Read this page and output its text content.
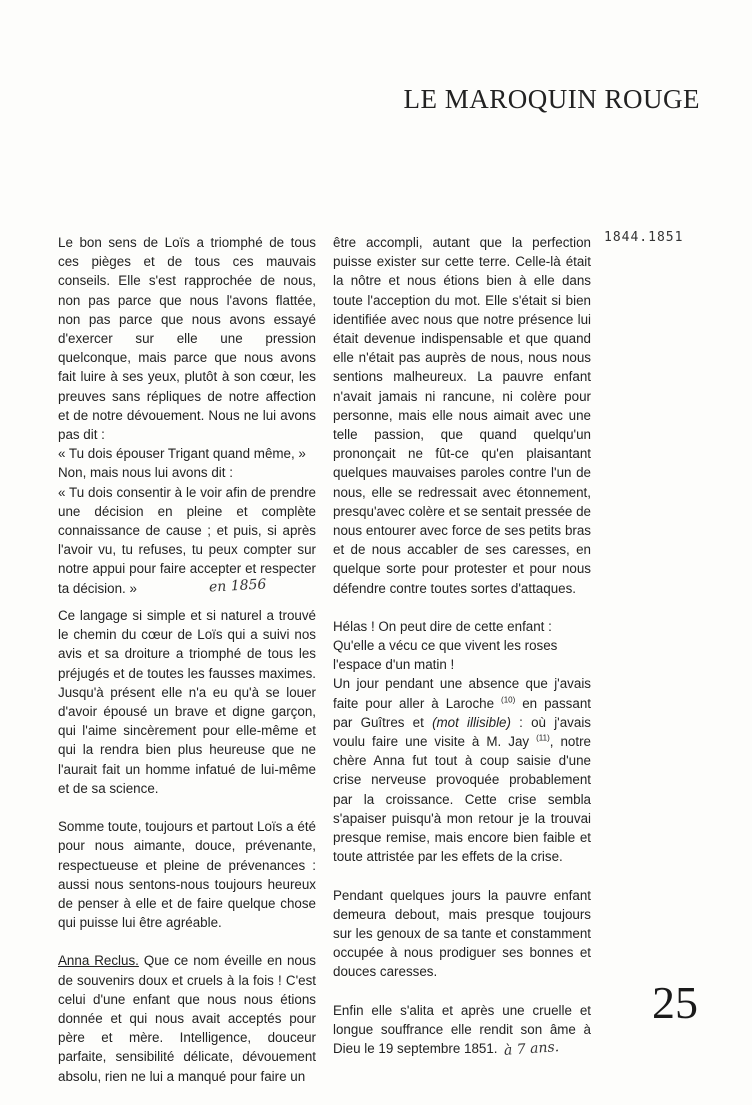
LE MAROQUIN ROUGE
1844.1851

Le bon sens de Loïs a triomphé de tous ces pièges et de tous ces mauvais conseils. Elle s'est rapprochée de nous, non pas parce que nous l'avons flattée, non pas parce que nous avons essayé d'exercer sur elle une pression quelconque, mais parce que nous avons fait luire à ses yeux, plutôt à son cœur, les preuves sans répliques de notre affection et de notre dévouement. Nous ne lui avons pas dit :

« Tu dois épouser Trigant quand même, »

Non, mais nous lui avons dit :

« Tu dois consentir à le voir afin de prendre une décision en pleine et complète connaissance de cause ; et puis, si après l'avoir vu, tu refuses, tu peux compter sur notre appui pour faire accepter et respecter ta décision. »	en 1856

Ce langage si simple et si naturel a trouvé le chemin du cœur de Loïs qui a suivi nos avis et sa droiture a triomphé de tous les préjugés et de toutes les fausses maximes. Jusqu'à présent elle n'a eu qu'à se louer d'avoir épousé un brave et digne garçon, qui l'aime sincèrement pour elle-même et qui la rendra bien plus heureuse que ne l'aurait fait un homme infatué de lui-même et de sa science.

Somme toute, toujours et partout Loïs a été pour nous aimante, douce, prévenante, respectueuse et pleine de prévenances : aussi nous sentons-nous toujours heureux de penser à elle et de faire quelque chose qui puisse lui être agréable.

Anna Reclus. Que ce nom éveille en nous de souvenirs doux et cruels à la fois ! C'est celui d'une enfant que nous nous étions donnée et qui nous avait acceptés pour père et mère. Intelligence, douceur parfaite, sensibilité délicate, dévouement absolu, rien ne lui a manqué pour faire un

être accompli, autant que la perfection puisse exister sur cette terre. Celle-là était la nôtre et nous étions bien à elle dans toute l'acception du mot. Elle s'était si bien identifiée avec nous que notre présence lui était devenue indispensable et que quand elle n'était pas auprès de nous, nous nous sentions malheureux. La pauvre enfant n'avait jamais ni rancune, ni colère pour personne, mais elle nous aimait avec une telle passion, que quand quelqu'un prononçait ne fût-ce qu'en plaisantant quelques mauvaises paroles contre l'un de nous, elle se redressait avec étonnement, presqu'avec colère et se sentait pressée de nous entourer avec force de ses petits bras et de nous accabler de ses caresses, en quelque sorte pour protester et pour nous défendre contre toutes sortes d'attaques.

Hélas ! On peut dire de cette enfant :

Qu'elle a vécu ce que vivent les roses

l'espace d'un matin !

Un jour pendant une absence que j'avais faite pour aller à Laroche $^{(10)}$ en passant par Guîtres et (mot illisible) : où j'avais voulu faire une visite à M. Jay $^{(11)}$, notre chère Anna fut tout à coup saisie d'une crise nerveuse provoquée probablement par la croissance. Cette crise sembla s'apaiser puisqu'à mon retour je la trouvai presque remise, mais encore bien faible et toute attristée par les effets de la crise.

Pendant quelques jours la pauvre enfant demeura debout, mais presque toujours sur les genoux de sa tante et constamment occupée à nous prodiguer ses bonnes et douces caresses.

Enfin elle s'alita et après une cruelle et longue souffrance elle rendit son âme à Dieu le 19 septembre 1851. à 7 ans.

25
